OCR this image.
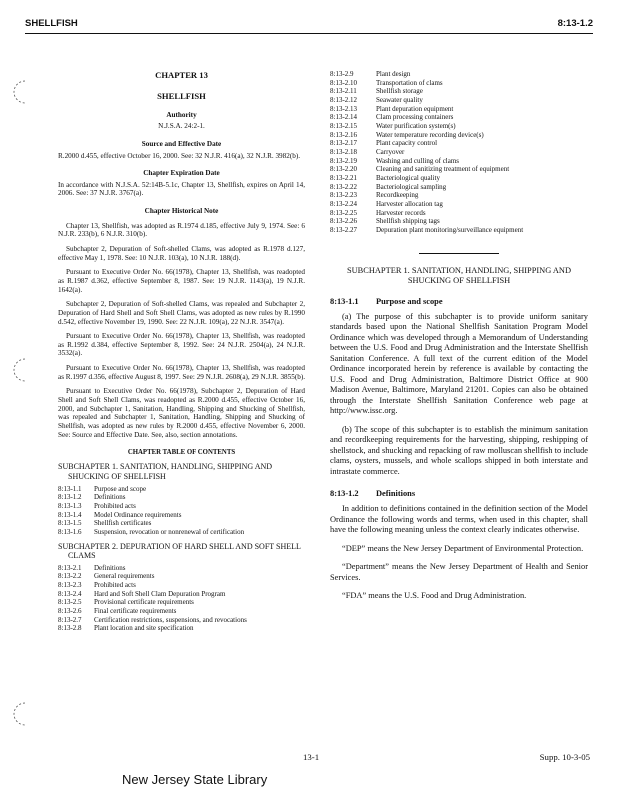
SHELLFISH	8:13-1.2
CHAPTER 13
SHELLFISH
Authority
N.J.S.A. 24:2-1.
Source and Effective Date
R.2000 d.455, effective October 16, 2000. See: 32 N.J.R. 416(a), 32 N.J.R. 3982(b).
Chapter Expiration Date
In accordance with N.J.S.A. 52:14B-5.1c, Chapter 13, Shellfish, expires on April 14, 2006. See: 37 N.J.R. 3767(a).
Chapter Historical Note
Chapter 13, Shellfish, was adopted as R.1974 d.185, effective July 9, 1974. See: 6 N.J.R. 233(b), 6 N.J.R. 310(b).
Subchapter 2, Depuration of Soft-shelled Clams, was adopted as R.1978 d.127, effective May 1, 1978. See: 10 N.J.R. 103(a), 10 N.J.R. 188(d).
Pursuant to Executive Order No. 66(1978), Chapter 13, Shellfish, was readopted as R.1987 d.362, effective September 8, 1987. See: 19 N.J.R. 1143(a), 19 N.J.R. 1642(a).
Subchapter 2, Depuration of Soft-shelled Clams, was repealed and Subchapter 2, Depuration of Hard Shell and Soft Shell Clams, was adopted as new rules by R.1990 d.542, effective November 19, 1990. See: 22 N.J.R. 109(a), 22 N.J.R. 3547(a).
Pursuant to Executive Order No. 66(1978), Chapter 13, Shellfish, was readopted as R.1992 d.384, effective September 8, 1992. See: 24 N.J.R. 2504(a), 24 N.J.R. 3532(a).
Pursuant to Executive Order No. 66(1978), Chapter 13, Shellfish, was readopted as R.1997 d.356, effective August 8, 1997. See: 29 N.J.R. 2608(a), 29 N.J.R. 3855(b).
Pursuant to Executive Order No. 66(1978), Subchapter 2, Depuration of Hard Shell and Soft Shell Clams, was readopted as R.2000 d.455, effective October 16, 2000, and Subchapter 1, Sanitation, Handling, Shipping and Shucking of Shellfish, was repealed and Subchapter 1, Sanitation, Handling, Shipping and Shucking of Shellfish, was adopted as new rules by R.2000 d.455, effective November 6, 2000. See: Source and Effective Date. See, also, section annotations.
CHAPTER TABLE OF CONTENTS
SUBCHAPTER 1. SANITATION, HANDLING, SHIPPING AND SHUCKING OF SHELLFISH
8:13-1.1	Purpose and scope
8:13-1.2	Definitions
8:13-1.3	Prohibited acts
8:13-1.4	Model Ordinance requirements
8:13-1.5	Shellfish certificates
8:13-1.6	Suspension, revocation or nonrenewal of certification
SUBCHAPTER 2. DEPURATION OF HARD SHELL AND SOFT SHELL CLAMS
8:13-2.1	Definitions
8:13-2.2	General requirements
8:13-2.3	Prohibited acts
8:13-2.4	Hard and Soft Shell Clam Depuration Program
8:13-2.5	Provisional certificate requirements
8:13-2.6	Final certificate requirements
8:13-2.7	Certification restrictions, suspensions, and revocations
8:13-2.8	Plant location and site specification
8:13-2.9	Plant design
8:13-2.10	Transportation of clams
8:13-2.11	Shellfish storage
8:13-2.12	Seawater quality
8:13-2.13	Plant depuration equipment
8:13-2.14	Clam processing containers
8:13-2.15	Water purification system(s)
8:13-2.16	Water temperature recording device(s)
8:13-2.17	Plant capacity control
8:13-2.18	Carryover
8:13-2.19	Washing and culling of clams
8:13-2.20	Cleaning and sanitizing treatment of equipment
8:13-2.21	Bacteriological quality
8:13-2.22	Bacteriological sampling
8:13-2.23	Recordkeeping
8:13-2.24	Harvester allocation tag
8:13-2.25	Harvester records
8:13-2.26	Shellfish shipping tags
8:13-2.27	Depuration plant monitoring/surveillance equipment
SUBCHAPTER 1. SANITATION, HANDLING, SHIPPING AND SHUCKING OF SHELLFISH
8:13-1.1 Purpose and scope
(a) The purpose of this subchapter is to provide uniform sanitary standards based upon the National Shellfish Sanitation Program Model Ordinance which was developed through a Memorandum of Understanding between the U.S. Food and Drug Administration and the Interstate Shellfish Sanitation Conference. A full text of the current edition of the Model Ordinance incorporated herein by reference is available by contacting the U.S. Food and Drug Administration, Baltimore District Office at 900 Madison Avenue, Baltimore, Maryland 21201. Copies can also be obtained through the Interstate Shellfish Sanitation Conference web page at http://www.issc.org.
(b) The scope of this subchapter is to establish the minimum sanitation and recordkeeping requirements for the harvesting, shipping, reshipping of shellstock, and shucking and repacking of raw molluscan shellfish to include clams, oysters, mussels, and whole scallops shipped in both interstate and intrastate commerce.
8:13-1.2 Definitions
In addition to definitions contained in the definition section of the Model Ordinance the following words and terms, when used in this chapter, shall have the following meaning unless the context clearly indicates otherwise.
“DEP” means the New Jersey Department of Environmental Protection.
“Department” means the New Jersey Department of Health and Senior Services.
“FDA” means the U.S. Food and Drug Administration.
13-1	Supp. 10-3-05
New Jersey State Library
